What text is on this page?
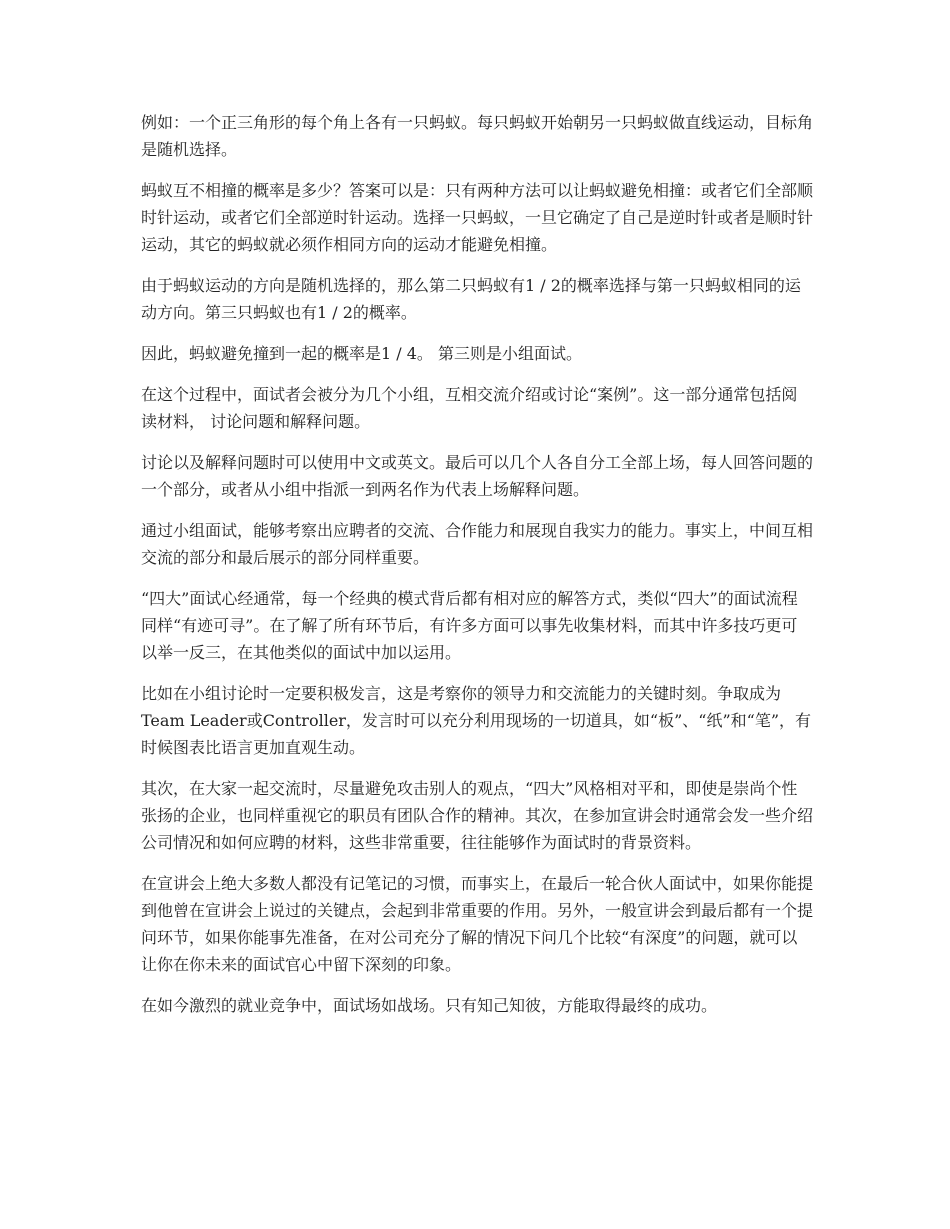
例如：一个正三角形的每个角上各有一只蚂蚁。每只蚂蚁开始朝另一只蚂蚁做直线运动，目标角是随机选择。

蚂蚁互不相撞的概率是多少？答案可以是：只有两种方法可以让蚂蚁避免相撞：或者它们全部顺时针运动，或者它们全部逆时针运动。选择一只蚂蚁，一旦它确定了自己是逆时针或者是顺时针运动，其它的蚂蚁就必须作相同方向的运动才能避免相撞。

由于蚂蚁运动的方向是随机选择的，那么第二只蚂蚁有1 / 2的概率选择与第一只蚂蚁相同的运动方向。第三只蚂蚁也有1 / 2的概率。

因此，蚂蚁避免撞到一起的概率是1 / 4。 第三则是小组面试。

在这个过程中，面试者会被分为几个小组，互相交流介绍或讨论“案例”。这一部分通常包括阅读材料， 讨论问题和解释问题。

讨论以及解释问题时可以使用中文或英文。最后可以几个人各自分工全部上场，每人回答问题的一个部分，或者从小组中指派一到两名作为代表上场解释问题。

通过小组面试，能够考察出应聘者的交流、合作能力和展现自我实力的能力。事实上，中间互相交流的部分和最后展示的部分同样重要。

“四大”面试心经通常，每一个经典的模式背后都有相对应的解答方式，类似“四大”的面试流程同样“有迹可寻”。在了解了所有环节后，有许多方面可以事先收集材料，而其中许多技巧更可以举一反三，在其他类似的面试中加以运用。

比如在小组讨论时一定要积极发言，这是考察你的领导力和交流能力的关键时刻。争取成为Team Leader或Controller，发言时可以充分利用现场的一切道具，如“板”、“纸”和“笔”，有时候图表比语言更加直观生动。

其次，在大家一起交流时，尽量避免攻击别人的观点，“四大”风格相对平和，即使是崇尚个性张扬的企业，也同样重视它的职员有团队合作的精神。其次，在参加宣讲会时通常会发一些介绍公司情况和如何应聘的材料，这些非常重要，往往能够作为面试时的背景资料。

在宣讲会上绝大多数人都没有记笔记的习惯，而事实上，在最后一轮合伙人面试中，如果你能提到他曾在宣讲会上说过的关键点，会起到非常重要的作用。另外，一般宣讲会到最后都有一个提问环节，如果你能事先准备，在对公司充分了解的情况下问几个比较“有深度”的问题，就可以让你在你未来的面试官心中留下深刻的印象。

在如今激烈的就业竞争中，面试场如战场。只有知己知彼，方能取得最终的成功。
